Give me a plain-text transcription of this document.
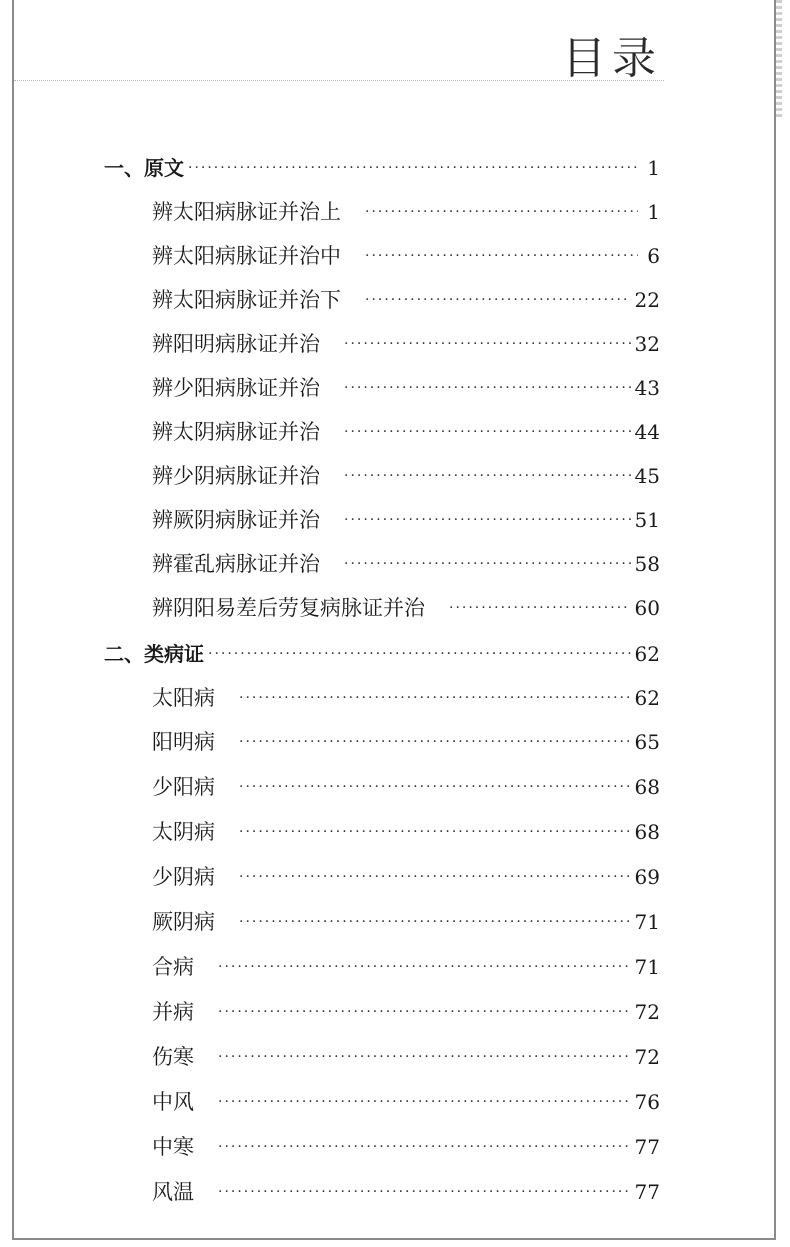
目录
一、原文 ·····	1
辨太阳病脉证并治上 ·····	1
辨太阳病脉证并治中 ·····	6
辨太阳病脉证并治下 ·····	22
辨阳明病脉证并治 ·····	32
辨少阳病脉证并治 ·····	43
辨太阴病脉证并治 ·····	44
辨少阴病脉证并治 ·····	45
辨厥阴病脉证并治 ·····	51
辨霍乱病脉证并治 ·····	58
辨阴阳易差后劳复病脉证并治 ·····	60
二、类病证 ·····	62
太阳病 ·····	62
阳明病 ·····	65
少阳病 ·····	68
太阴病 ·····	68
少阴病 ·····	69
厥阴病 ·····	71
合病 ·····	71
并病 ·····	72
伤寒 ·····	72
中风 ·····	76
中寒 ·····	77
风温 ·····	77
